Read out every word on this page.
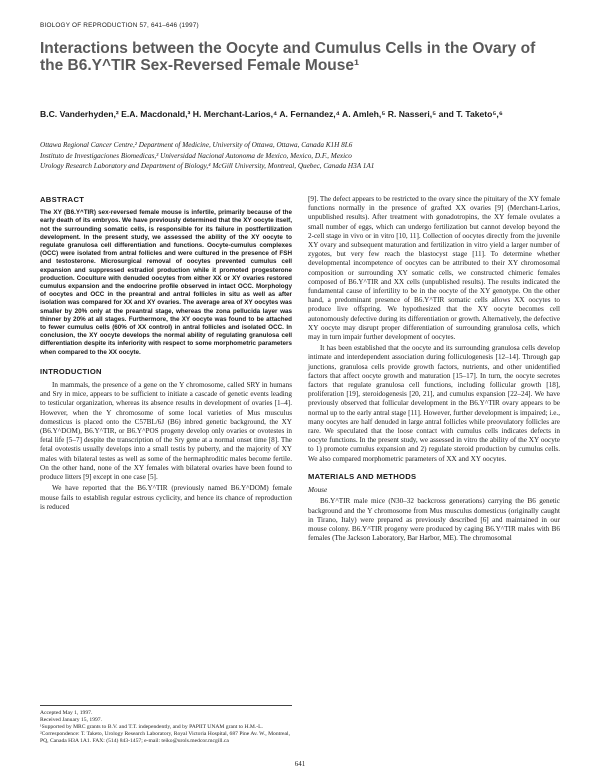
BIOLOGY OF REPRODUCTION 57, 641–646 (1997)
Interactions between the Oocyte and Cumulus Cells in the Ovary of the B6.Y^TIR Sex-Reversed Female Mouse¹
B.C. Vanderhyden,² E.A. Macdonald,³ H. Merchant-Larios,⁴ A. Fernandez,⁴ A. Amleh,⁵ R. Nasseri,⁵ and T. Taketo⁵,⁶
Ottawa Regional Cancer Centre,² Department of Medicine, University of Ottawa, Ottawa, Canada K1H 8L6
Instituto de Investigaciones Biomedicas,³ Universidad Nacional Autonoma de Mexico, Mexico, D.F., Mexico
Urology Research Laboratory and Department of Biology,⁴ McGill University, Montreal, Quebec, Canada H3A 1A1
ABSTRACT

The XY (B6.Y^TIR) sex-reversed female mouse is infertile, primarily because of the early death of its embryos. We have previously determined that the XY oocyte itself, not the surrounding somatic cells, is responsible for its failure in postfertilization development. In the present study, we assessed the ability of the XY oocyte to regulate granulosa cell differentiation and functions. Oocyte-cumulus complexes (OCC) were isolated from antral follicles and were cultured in the presence of FSH and testosterone. Microsurgical removal of oocytes prevented cumulus cell expansion and suppressed estradiol production while it promoted progesterone production. Coculture with denuded oocytes from either XX or XY ovaries restored cumulus expansion and the endocrine profile observed in intact OCC. Morphology of oocytes and OCC in the preantral and antral follicles in situ as well as after isolation was compared for XX and XY ovaries. The average area of XY oocytes was smaller by 20% only at the preantral stage, whereas the zona pellucida layer was thinner by 20% at all stages. Furthermore, the XY oocyte was found to be attached to fewer cumulus cells (60% of XX control) in antral follicles and isolated OCC. In conclusion, the XY oocyte develops the normal ability of regulating granulosa cell differentiation despite its inferiority with respect to some morphometric parameters when compared to the XX oocyte.

INTRODUCTION

In mammals, the presence of a gene on the Y chromosome, called SRY in humans and Sry in mice, appears to be sufficient to initiate a cascade of genetic events leading to testicular organization, whereas its absence results in development of ovaries [1–4]. However, when the Y chromosome of some local varieties of Mus musculus domesticus is placed onto the C57BL/6J (B6) inbred genetic background, the XY (B6.Y^DOM), B6.Y^TIR, or B6.Y^POS progeny develop only ovaries or ovotestes in fetal life [5–7] despite the transcription of the Sry gene at a normal onset time [8]. The fetal ovotestis usually develops into a small testis by puberty, and the majority of XY males with bilateral testes as well as some of the hermaphroditic males become fertile. On the other hand, none of the XY females with bilateral ovaries have been found to produce litters [9] except in one case [5].

We have reported that the B6.Y^TIR (previously named B6.Y^DOM) female mouse fails to establish regular estrous cyclicity, and hence its chance of reproduction is reduced

Accepted May 1, 1997.

Received January 15, 1997.

¹Supported by MRC grants to B.V. and T.T. independently, and by PAPIIT UNAM grant to H.M.-L.

²Correspondence: T. Taketo, Urology Research Laboratory, Royal Victoria Hospital, 687 Pine Av. W., Montreal, PQ, Canada H3A 1A1. FAX: (514) 843-1457; e-mail: teiko@urols.medcor.mcgill.ca

[9]. The defect appears to be restricted to the ovary since the pituitary of the XY female functions normally in the presence of grafted XX ovaries [9] (Merchant-Larios, unpublished results). After treatment with gonadotropins, the XY female ovulates a small number of eggs, which can undergo fertilization but cannot develop beyond the 2-cell stage in vivo or in vitro [10, 11]. Collection of oocytes directly from the juvenile XY ovary and subsequent maturation and fertilization in vitro yield a larger number of zygotes, but very few reach the blastocyst stage [11]. To determine whether developmental incompetence of oocytes can be attributed to their XY chromosomal composition or surrounding XY somatic cells, we constructed chimeric females composed of B6.Y^TIR and XX cells (unpublished results). The results indicated the fundamental cause of infertility to be in the oocyte of the XY genotype. On the other hand, a predominant presence of B6.Y^TIR somatic cells allows XX oocytes to produce live offspring. We hypothesized that the XY oocyte becomes cell autonomously defective during its differentiation or growth. Alternatively, the defective XY oocyte may disrupt proper differentiation of surrounding granulosa cells, which may in turn impair further development of oocytes.

It has been established that the oocyte and its surrounding granulosa cells develop intimate and interdependent association during folliculogenesis [12–14]. Through gap junctions, granulosa cells provide growth factors, nutrients, and other unidentified factors that affect oocyte growth and maturation [15–17]. In turn, the oocyte secretes factors that regulate granulosa cell functions, including follicular growth [18], proliferation [19], steroidogenesis [20, 21], and cumulus expansion [22–24]. We have previously observed that follicular development in the B6.Y^TIR ovary appears to be normal up to the early antral stage [11]. However, further development is impaired; i.e., many oocytes are half denuded in large antral follicles while preovulatory follicles are rare. We speculated that the loose contact with cumulus cells indicates defects in oocyte functions. In the present study, we assessed in vitro the ability of the XY oocyte to 1) promote cumulus expansion and 2) regulate steroid production by cumulus cells. We also compared morphometric parameters of XX and XY oocytes.

MATERIALS AND METHODS
Mouse

B6.Y^TIR male mice (N30–32 backcross generations) carrying the B6 genetic background and the Y chromosome from Mus musculus domesticus (originally caught in Tirano, Italy) were prepared as previously described [6] and maintained in our mouse colony. B6.Y^TIR progeny were produced by caging B6.Y^TIR males with B6 females (The Jackson Laboratory, Bar Harbor, ME). The chromosomal

641
